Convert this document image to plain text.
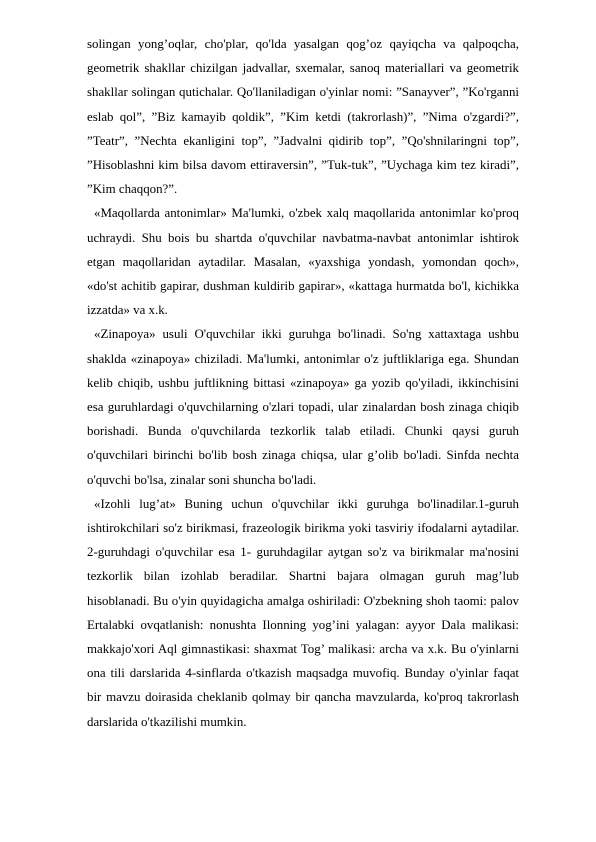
solingan yong’oqlar, cho'plar, qo'lda yasalgan qog’oz qayiqcha va qalpoqcha, geometrik shakllar chizilgan jadvallar, sxemalar, sanoq materiallari va geometrik shakllar solingan qutichalar. Qo'llaniladigan o'yinlar nomi: ”Sanayver”, ”Ko'rganni eslab qol”, ”Biz kamayib qoldik”, ”Kim ketdi (takrorlash)”, ”Nima o'zgardi?”, ”Teatr”, ”Nechta ekanligini top”, ”Jadvalni qidirib top”, ”Qo'shnilaringni top”, ”Hisoblashni kim bilsa davom ettiraversin”, ”Tuk-tuk”, ”Uychaga kim tez kiradi”, ”Kim chaqqon?”.

«Maqollarda antonimlar» Ma'lumki, o'zbek xalq maqollarida antonimlar ko'proq uchraydi. Shu bois bu shartda o'quvchilar navbatma-navbat antonimlar ishtirok etgan maqollaridan aytadilar. Masalan, «yaxshiga yondash, yomondan qoch», «do'st achitib gapirar, dushman kuldirib gapirar», «kattaga hurmatda bo'l, kichikka izzatda» va x.k.

«Zinapoya» usuli O'quvchilar ikki guruhga bo'linadi. So'ng xattaxtaga ushbu shaklda «zinapoya» chiziladi. Ma'lumki, antonimlar o'z juftliklariga ega. Shundan kelib chiqib, ushbu juftlikning bittasi «zinapoya» ga yozib qo'yiladi, ikkinchisini esa guruhlardagi o'quvchilarning o'zlari topadi, ular zinalardan bosh zinaga chiqib borishadi. Bunda o'quvchilarda tezkorlik talab etiladi. Chunki qaysi guruh o'quvchilari birinchi bo'lib bosh zinaga chiqsa, ular g’olib bo'ladi. Sinfda nechta o'quvchi bo'lsa, zinalar soni shuncha bo'ladi.

«Izohli lug’at» Buning uchun o'quvchilar ikki guruhga bo'linadilar.1-guruh ishtirokchilari so'z birikmasi, frazeologik birikma yoki tasviriy ifodalarni aytadilar. 2-guruhdagi o'quvchilar esa 1- guruhdagilar aytgan so'z va birikmalar ma'nosini tezkorlik bilan izohlab beradilar. Shartni bajara olmagan guruh mag’lub hisoblanadi. Bu o'yin quyidagicha amalga oshiriladi: O'zbekning shoh taomi: palov Ertalabki ovqatlanish: nonushta Ilonning yog’ini yalagan: ayyor Dala malikasi: makkajo'xori Aql gimnastikasi: shaxmat Tog’ malikasi: archa va x.k. Bu o'yinlarni ona tili darslarida 4-sinflarda o'tkazish maqsadga muvofiq. Bunday o'yinlar faqat bir mavzu doirasida cheklanib qolmay bir qancha mavzularda, ko'proq takrorlash darslarida o'tkazilishi mumkin.
